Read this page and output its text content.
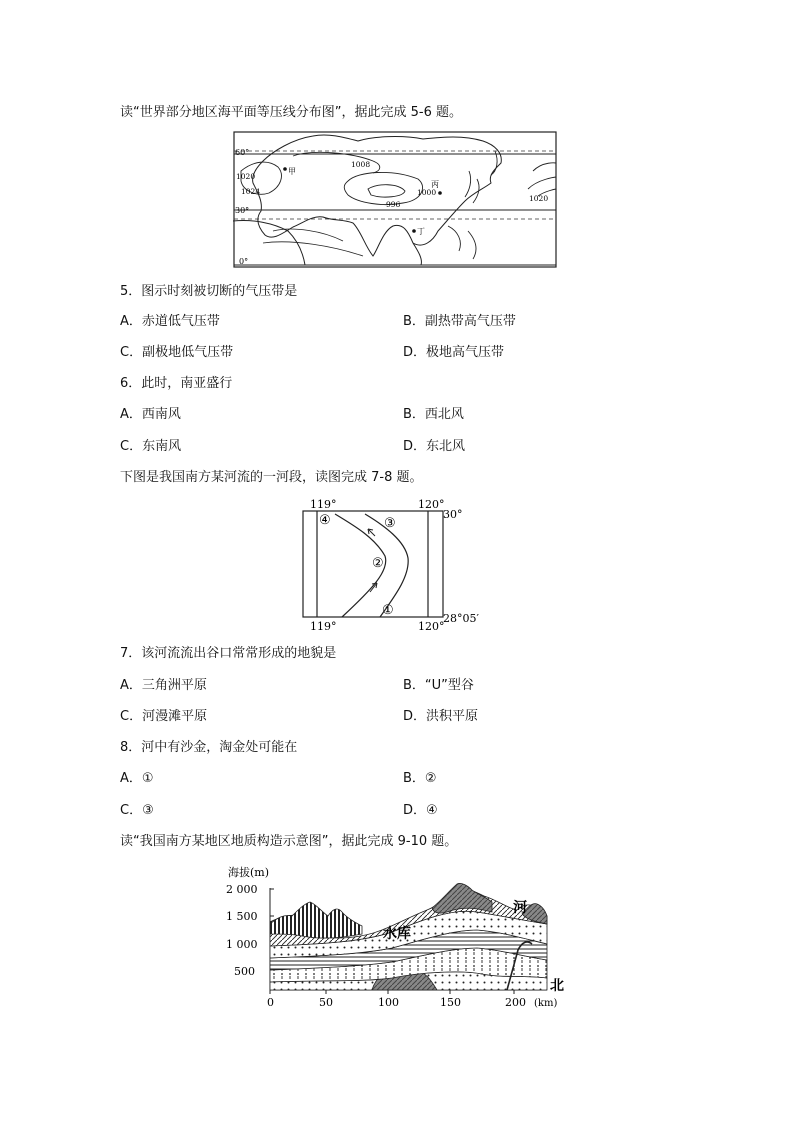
读“世界部分地区海平面等压线分布图”，据此完成 5-6 题。
60°
30°
0°
1020
1024
1008
996
1000
1020
甲
丙
丁
5．图示时刻被切断的气压带是
A．赤道低气压带	B．副热带高气压带
C．副极地低气压带	D．极地高气压带
6．此时，南亚盛行
A．西南风	B．西北风
C．东南风	D．东北风
下图是我国南方某河流的一河段，读图完成 7-8 题。
119°	120°
30°
119°	120°
28°05′
①
②
③
④
7．该河流流出谷口常常形成的地貌是
A．三角洲平原	B．“U”型谷
C．河漫滩平原	D．洪积平原
8．河中有沙金，淘金处可能在
A．①	B．②
C．③	D．④
读“我国南方某地区地质构造示意图”，据此完成 9-10 题。
海拔(m)
2 000
1 500
1 000
500
0	50	100	150	200 (km)
水库
河
北
